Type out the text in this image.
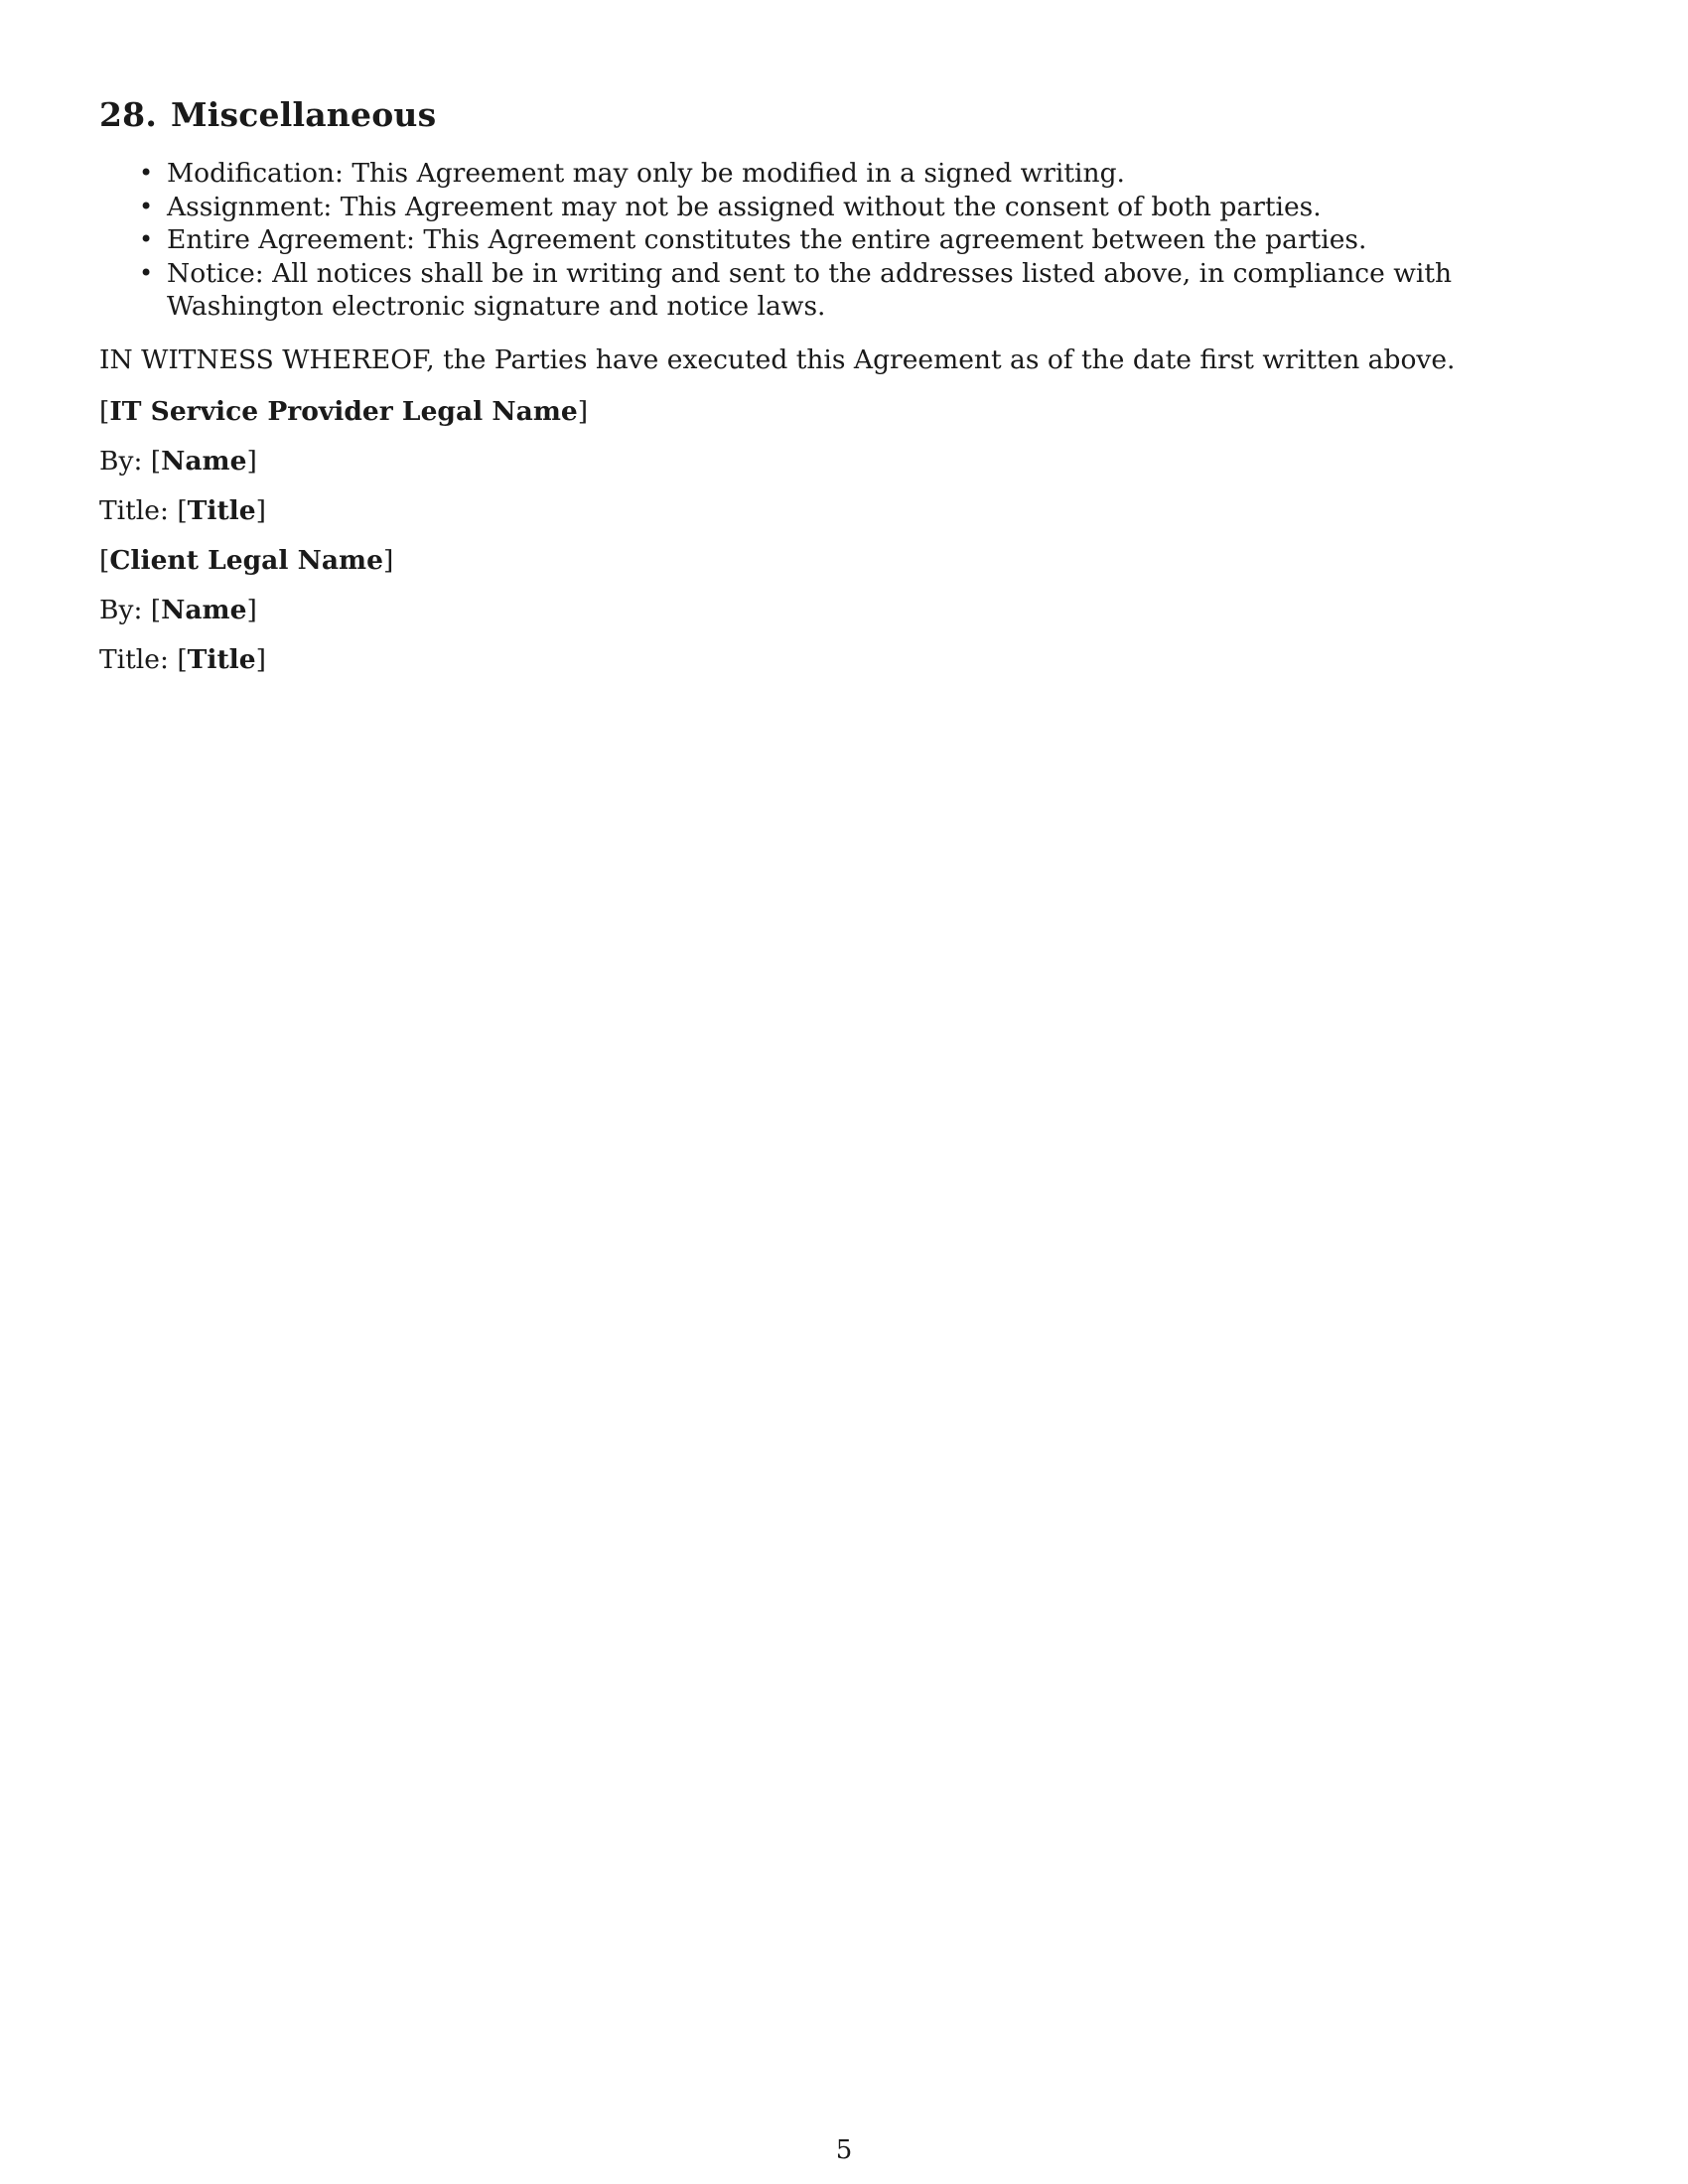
28. Miscellaneous
• Modification: This Agreement may only be modified in a signed writing.
• Assignment: This Agreement may not be assigned without the consent of both parties.
• Entire Agreement: This Agreement constitutes the entire agreement between the parties.
• Notice: All notices shall be in writing and sent to the addresses listed above, in compliance with Washington electronic signature and notice laws.

IN WITNESS WHEREOF, the Parties have executed this Agreement as of the date first written above.

[IT Service Provider Legal Name]

By: [Name]

Title: [Title]

[Client Legal Name]

By: [Name]

Title: [Title]

5
